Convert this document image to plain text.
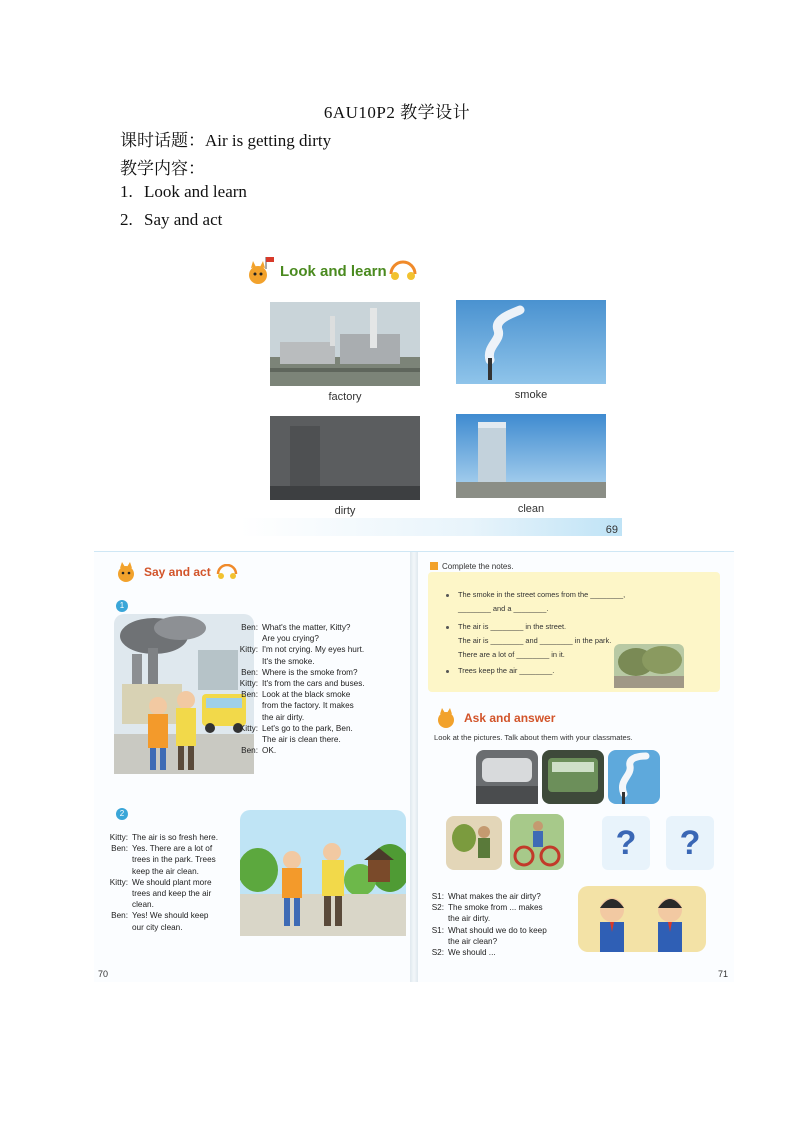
6AU10P2 教学设计
课时话题：Air is getting dirty
教学内容：
1. Look and learn
2. Say and act
Look and learn
factory	smoke
dirty	clean
69
Say and act
1
Ben: What's the matter, Kitty?
Are you crying?
Kitty: I'm not crying. My eyes hurt.
It's the smoke.
Ben: Where is the smoke from?
Kitty: It's from the cars and buses.
Ben: Look at the black smoke
from the factory. It makes
the air dirty.
Kitty: Let's go to the park, Ben.
The air is clean there.
Ben: OK.
2
Kitty: The air is so fresh here.
Ben: Yes. There are a lot of
trees in the park. Trees
keep the air clean.
Kitty: We should plant more
trees and keep the air
clean.
Ben: Yes! We should keep
our city clean.
70
Complete the notes.
The smoke in the street comes from the ________,
________ and a ________.
The air is ________ in the street.
The air is ________ and ________ in the park.
There are a lot of ________ in it.
Trees keep the air ________.
Ask and answer
Look at the pictures. Talk about them with your classmates.
?	?
S1: What makes the air dirty?
S2: The smoke from ... makes
the air dirty.
S1: What should we do to keep
the air clean?
S2: We should ...
71
